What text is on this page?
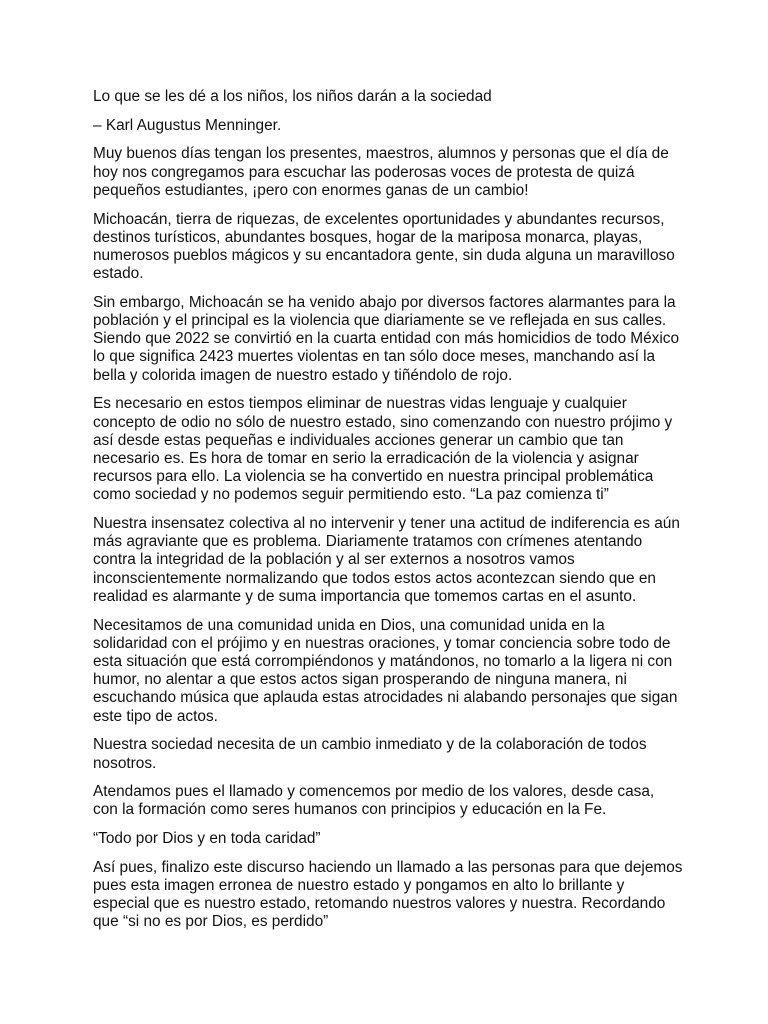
Lo que se les dé a los niños, los niños darán a la sociedad

– Karl Augustus Menninger.

Muy buenos días tengan los presentes, maestros, alumnos y personas que el día de hoy nos congregamos para escuchar las poderosas voces de protesta de quizá pequeños estudiantes, ¡pero con enormes ganas de un cambio!

Michoacán, tierra de riquezas, de excelentes oportunidades y abundantes recursos, destinos turísticos, abundantes bosques, hogar de la mariposa monarca, playas, numerosos pueblos mágicos y su encantadora gente, sin duda alguna un maravilloso estado.

Sin embargo, Michoacán se ha venido abajo por diversos factores alarmantes para la población y el principal es la violencia que diariamente se ve reflejada en sus calles. Siendo que 2022 se convirtió en la cuarta entidad con más homicidios de todo México lo que significa 2423 muertes violentas en tan sólo doce meses, manchando así la bella y colorida imagen de nuestro estado y tiñéndolo de rojo.

Es necesario en estos tiempos eliminar de nuestras vidas lenguaje y cualquier concepto de odio no sólo de nuestro estado, sino comenzando con nuestro prójimo y así desde estas pequeñas e individuales acciones generar un cambio que tan necesario es. Es hora de tomar en serio la erradicación de la violencia y asignar recursos para ello. La violencia se ha convertido en nuestra principal problemática como sociedad y no podemos seguir permitiendo esto. “La paz comienza ti”

Nuestra insensatez colectiva al no intervenir y tener una actitud de indiferencia es aún más agraviante que es problema. Diariamente tratamos con crímenes atentando contra la integridad de la población y al ser externos a nosotros vamos inconscientemente normalizando que todos estos actos acontezcan siendo que en realidad es alarmante y de suma importancia que tomemos cartas en el asunto.

Necesitamos de una comunidad unida en Dios, una comunidad unida en la solidaridad con el prójimo y en nuestras oraciones, y tomar conciencia sobre todo de esta situación que está corrompiéndonos y matándonos, no tomarlo a la ligera ni con humor, no alentar a que estos actos sigan prosperando de ninguna manera, ni escuchando música que aplauda estas atrocidades ni alabando personajes que sigan este tipo de actos.

Nuestra sociedad necesita de un cambio inmediato y de la colaboración de todos nosotros.

Atendamos pues el llamado y comencemos por medio de los valores, desde casa, con la formación como seres humanos con principios y educación en la Fe.

“Todo por Dios y en toda caridad”

Así pues, finalizo este discurso haciendo un llamado a las personas para que dejemos pues esta imagen erronea de nuestro estado y pongamos en alto lo brillante y especial que es nuestro estado, retomando nuestros valores y nuestra. Recordando que “si no es por Dios, es perdido”
